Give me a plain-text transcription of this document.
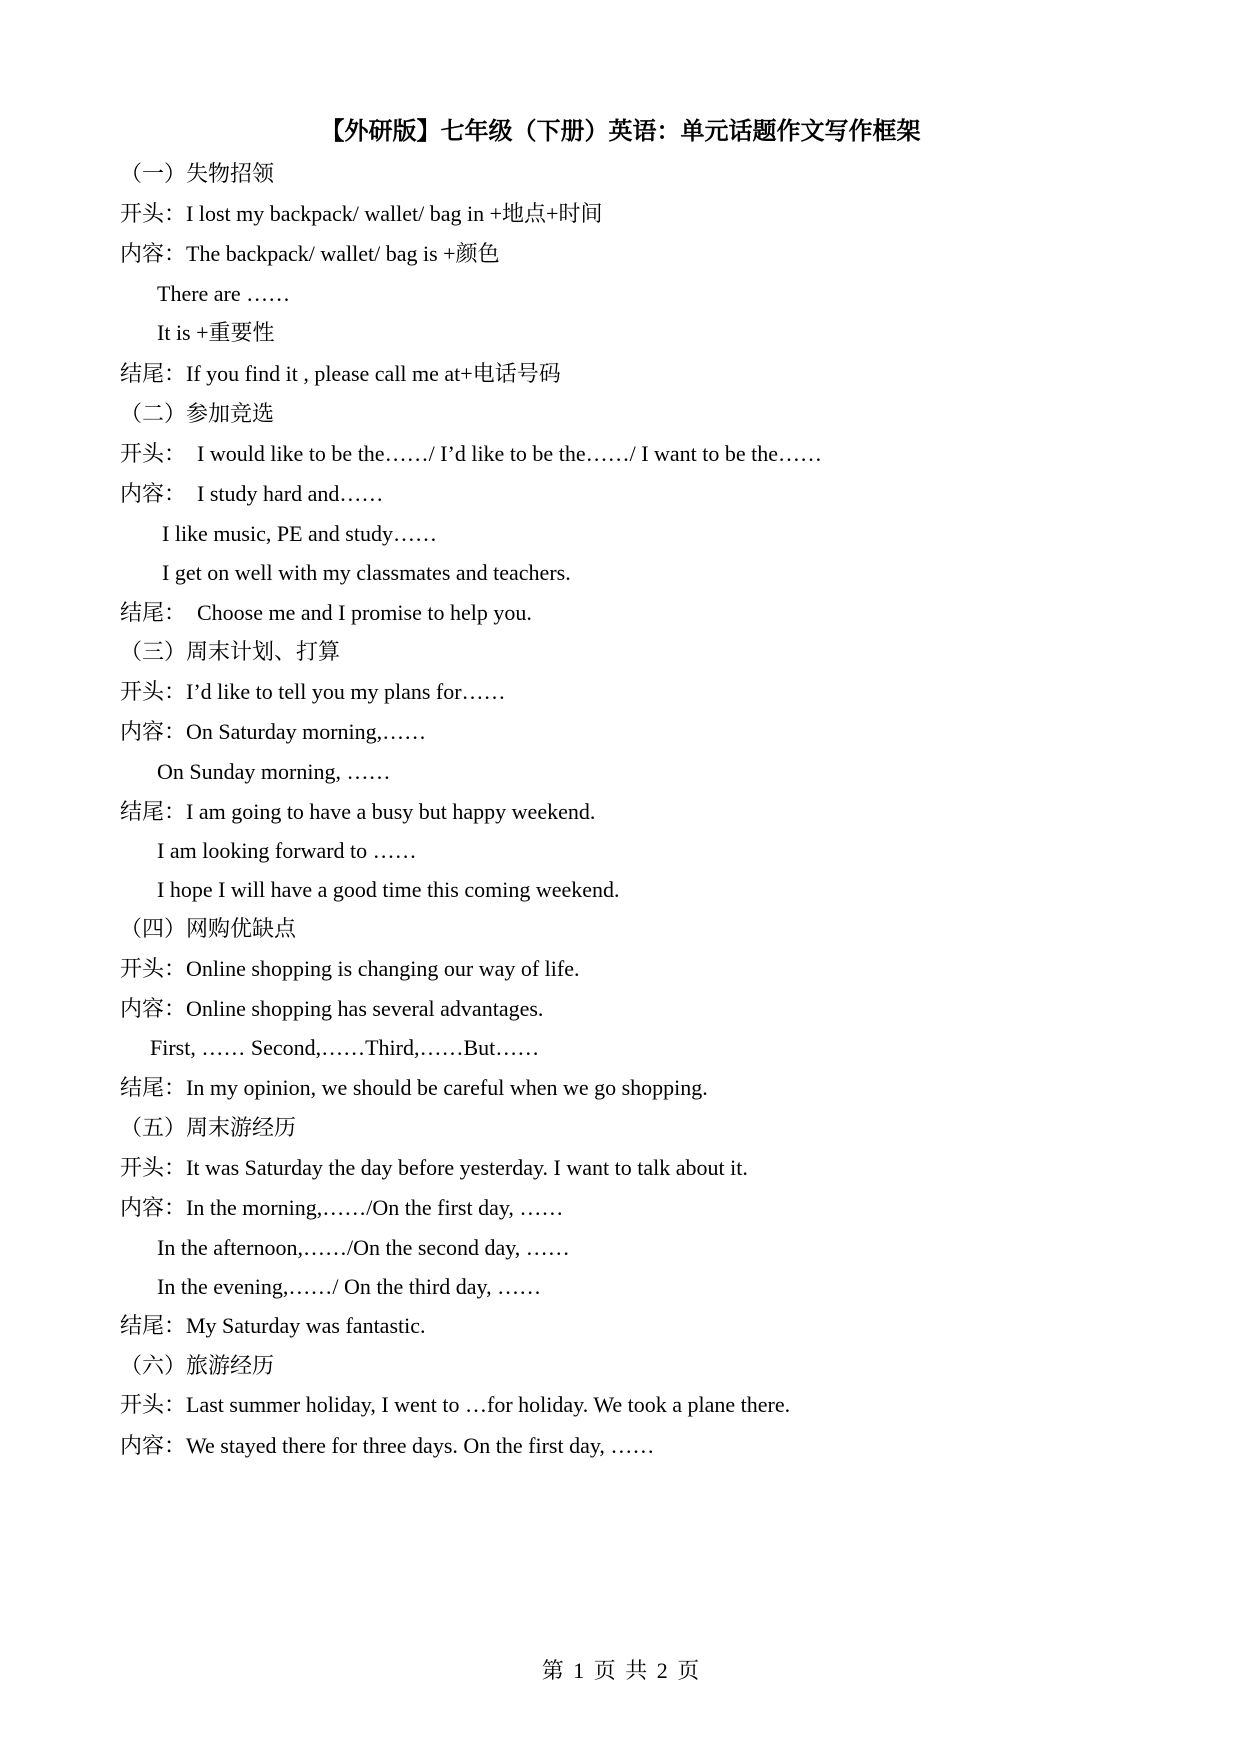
【外研版】七年级（下册）英语：单元话题作文写作框架
（一）失物招领
开头：I lost my backpack/ wallet/ bag in +地点+时间
内容：The backpack/ wallet/ bag is +颜色
There are ……
It is +重要性
结尾：If you find it , please call me at+电话号码
（二）参加竞选
开头：  I would like to be the……/ I’d like to be the……/ I want to be the……
内容：  I study hard and……
I like music, PE and study……
I get on well with my classmates and teachers.
结尾：  Choose me and I promise to help you.
（三）周末计划、打算
开头：I’d like to tell you my plans for……
内容：On Saturday morning,……
On Sunday morning, ……
结尾：I am going to have a busy but happy weekend.
I am looking forward to ……
I hope I will have a good time this coming weekend.
（四）网购优缺点
开头：Online shopping is changing our way of life.
内容：Online shopping has several advantages.
First, …… Second,……Third,……But……
结尾：In my opinion, we should be careful when we go shopping.
（五）周末游经历
开头：It was Saturday the day before yesterday. I want to talk about it.
内容：In the morning,……/On the first day, ……
In the afternoon,……/On the second day, ……
In the evening,……/ On the third day, ……
结尾：My Saturday was fantastic.
（六）旅游经历
开头：Last summer holiday, I went to …for holiday. We took a plane there.
内容：We stayed there for three days. On the first day, ……
第 1 页 共 2 页
